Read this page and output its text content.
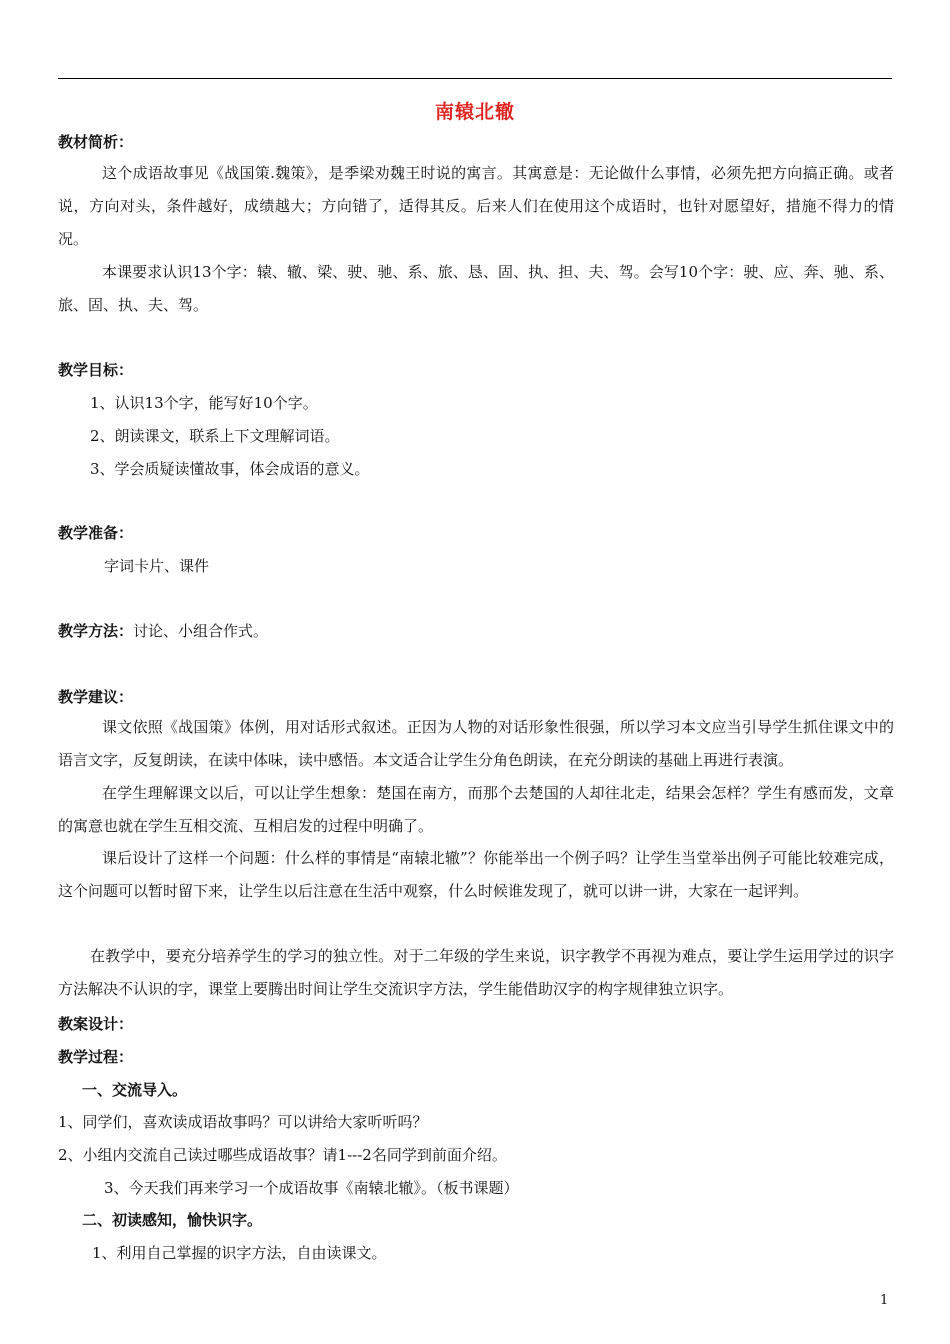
南辕北辙
教材简析：
这个成语故事见《战国策.魏策》，是季梁劝魏王时说的寓言。其寓意是：无论做什么事情，必须先把方向搞正确。或者说，方向对头，条件越好，成绩越大；方向错了，适得其反。后来人们在使用这个成语时，也针对愿望好，措施不得力的情况。
本课要求认识13个字：辕、辙、梁、驶、驰、系、旅、恳、固、执、担、夫、驾。会写10个字：驶、应、奔、驰、系、旅、固、执、夫、驾。
教学目标：
1、认识13个字，能写好10个字。
2、朗读课文，联系上下文理解词语。
3、学会质疑读懂故事，体会成语的意义。
教学准备：
字词卡片、课件
教学方法：讨论、小组合作式。
教学建议：
课文依照《战国策》体例，用对话形式叙述。正因为人物的对话形象性很强，所以学习本文应当引导学生抓住课文中的语言文字，反复朗读，在读中体味，读中感悟。本文适合让学生分角色朗读，在充分朗读的基础上再进行表演。
在学生理解课文以后，可以让学生想象：楚国在南方，而那个去楚国的人却往北走，结果会怎样？学生有感而发，文章的寓意也就在学生互相交流、互相启发的过程中明确了。
课后设计了这样一个问题：什么样的事情是“南辕北辙”？你能举出一个例子吗？让学生当堂举出例子可能比较难完成，这个问题可以暂时留下来，让学生以后注意在生活中观察，什么时候谁发现了，就可以讲一讲，大家在一起评判。
在教学中，要充分培养学生的学习的独立性。对于二年级的学生来说，识字教学不再视为难点，要让学生运用学过的识字方法解决不认识的字，课堂上要腾出时间让学生交流识字方法，学生能借助汉字的构字规律独立识字。
教案设计：
教学过程：
一、交流导入。
1、同学们，喜欢读成语故事吗？可以讲给大家听听吗？
2、小组内交流自己读过哪些成语故事？请1---2名同学到前面介绍。
3、今天我们再来学习一个成语故事《南辕北辙》。（板书课题）
二、初读感知，愉快识字。
1、利用自己掌握的识字方法，自由读课文。
1
